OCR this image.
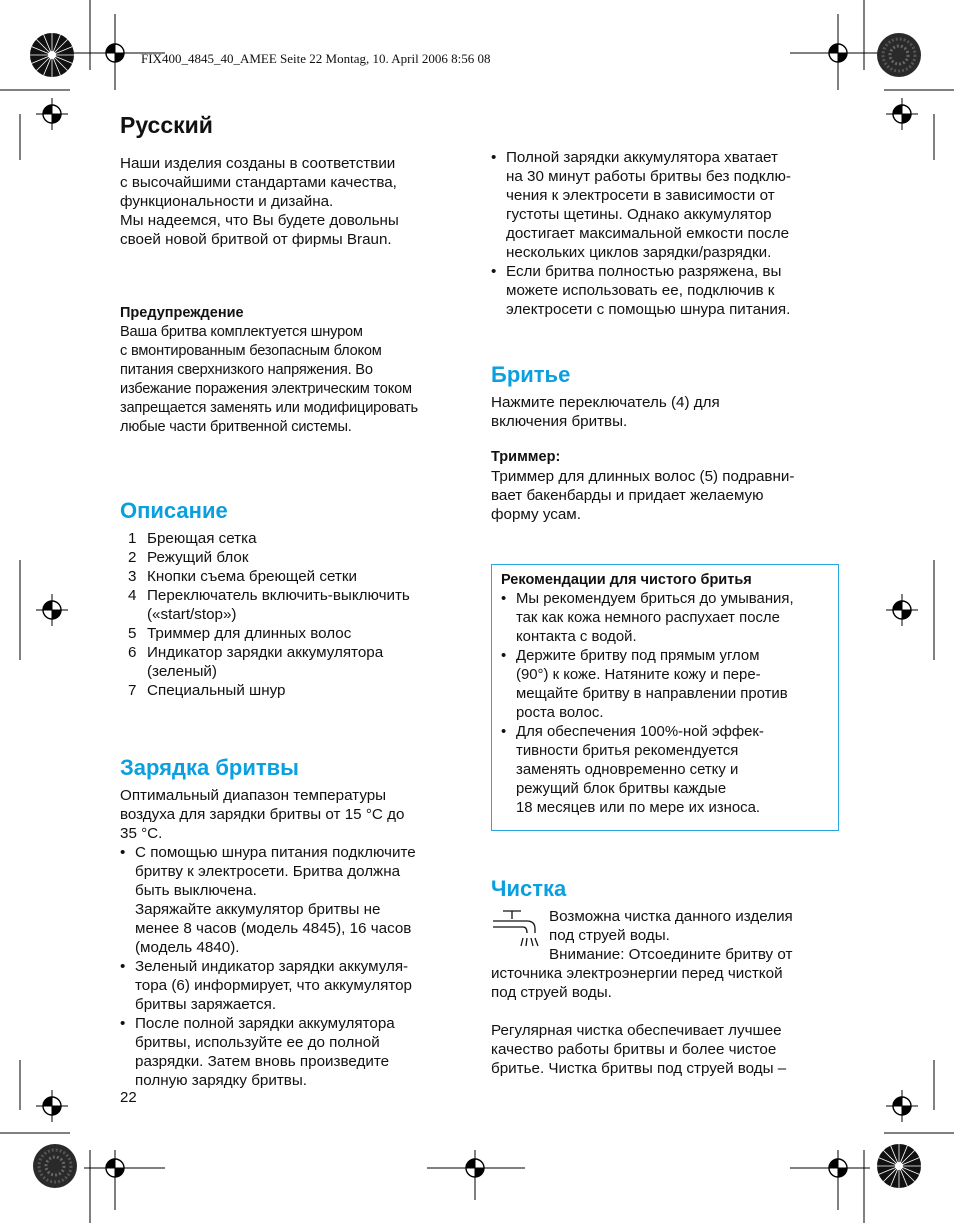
FIX400_4845_40_AMEE Seite 22 Montag, 10. April 2006 8:56 08
Русский

Наши изделия созданы в соответствии
с высочайшими стандартами качества,
функциональности и дизайна.
Мы надеемся, что Вы будете довольны
своей новой бритвой от фирмы Braun.

Предупреждение

Ваша бритва комплектуется шнуром
с вмонтированным безопасным блоком
питания сверхнизкого напряжения. Во
избежание поражения электрическим током
запрещается заменять или модифицировать
любые части бритвенной системы.

Описание
1 Бреющая сетка
2 Режущий блок
3 Кнопки съема бреющей сетки
4 Переключатель включить-выключить
(«start/stop»)
5 Триммер для длинных волос
6 Индикатор зарядки аккумулятора
(зеленый)
7 Специальный шнур
Зарядка бритвы

Оптимальный диапазон температуры
воздуха для зарядки бритвы от 15 °C до
35 °C.

• С помощью шнура питания подключите
бритву к электросети. Бритва должна
быть выключена.
Заряжайте аккумулятор бритвы не
менее 8 часов (модель 4845), 16 часов
(модель 4840).
• Зеленый индикатор зарядки аккумуля-
тора (6) информирует, что аккумулятор
бритвы заряжается.
• После полной зарядки аккумулятора
бритвы, используйте ее до полной
разрядки. Затем вновь произведите
полную зарядку бритвы.
22
• Полной зарядки аккумулятора хватает
на 30 минут работы бритвы без подклю-
чения к электросети в зависимости от
густоты щетины. Однако аккумулятор
достигает максимальной емкости после
нескольких циклов зарядки/разрядки.
• Если бритва полностью разряжена, вы
можете использовать ее, подключив к
электросети с помощью шнура питания.
Бритье

Нажмите переключатель (4) для
включения бритвы.

Триммер:

Триммер для длинных волос (5) подравни-
вает бакенбарды и придает желаемую
форму усам.

Рекомендации для чистого бритья
• Мы рекомендуем бриться до умывания,
так как кожа немного распухает после
контакта с водой.
• Держите бритву под прямым углом
(90°) к коже. Натяните кожу и пере-
мещайте бритву в направлении против
роста волос.
• Для обеспечения 100%-ной эффек-
тивности бритья рекомендуется
заменять одновременно сетку и
режущий блок бритвы каждые
18 месяцев или по мере их износа.
Чистка

Возможна чистка данного изделия
под струей воды.
Внимание: Отсоедините бритву от

источника электроэнергии перед чисткой
под струей воды.

Регулярная чистка обеспечивает лучшее
качество работы бритвы и более чистое
бритье. Чистка бритвы под струей воды –
